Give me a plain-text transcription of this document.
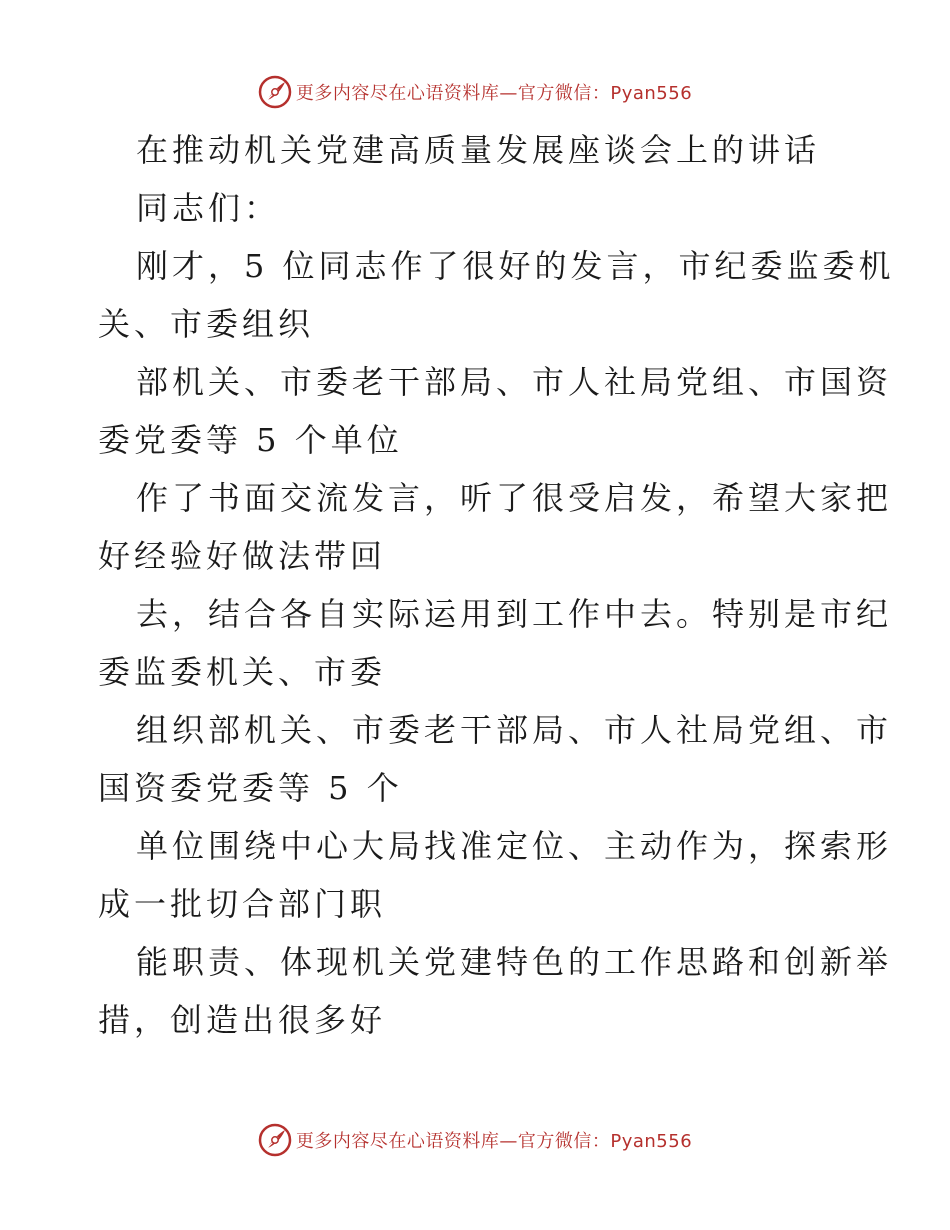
更多内容尽在心语资料库—官方微信：Pyan556
在推动机关党建高质量发展座谈会上的讲话
同志们：
刚才，5 位同志作了很好的发言，市纪委监委机
关、市委组织
部机关、市委老干部局、市人社局党组、市国资
委党委等 5 个单位
作了书面交流发言，听了很受启发，希望大家把
好经验好做法带回
去，结合各自实际运用到工作中去。特别是市纪
委监委机关、市委
组织部机关、市委老干部局、市人社局党组、市
国资委党委等 5 个
单位围绕中心大局找准定位、主动作为，探索形
成一批切合部门职
能职责、体现机关党建特色的工作思路和创新举
措，创造出很多好
更多内容尽在心语资料库—官方微信：Pyan556
